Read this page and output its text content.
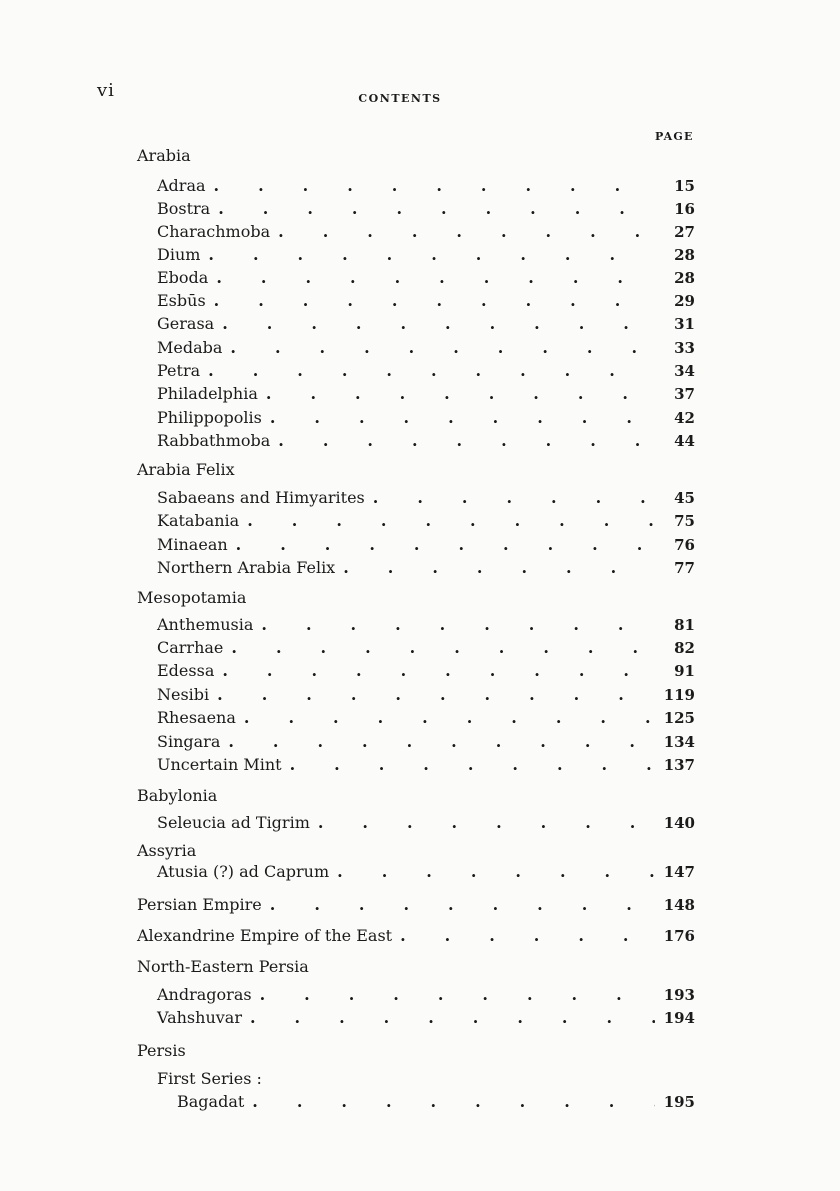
vi	CONTENTS
PAGE
Arabia
Adraa .	15
Bostra .	16
Charachmoba .	27
Dium .	28
Eboda .	28
Esbūs .	29
Gerasa .	31
Medaba .	33
Petra .	34
Philadelphia .	37
Philippopolis .	42
Rabbathmoba .	44
Arabia Felix
Sabaeans and Himyarites .	45
Katabania .	75
Minaean .	76
Northern Arabia Felix .	77
Mesopotamia
Anthemusia .	81
Carrhae .	82
Edessa .	91
Nesibi .	119
Rhesaena .	125
Singara .	134
Uncertain Mint .	137
Babylonia
Seleucia ad Tigrim .	140
Assyria
Atusia (?) ad Caprum .	147
Persian Empire .	148
Alexandrine Empire of the East .	176
North-Eastern Persia
Andragoras .	193
Vahshuvar .	194
Persis
First Series :
Bagadat .	195
